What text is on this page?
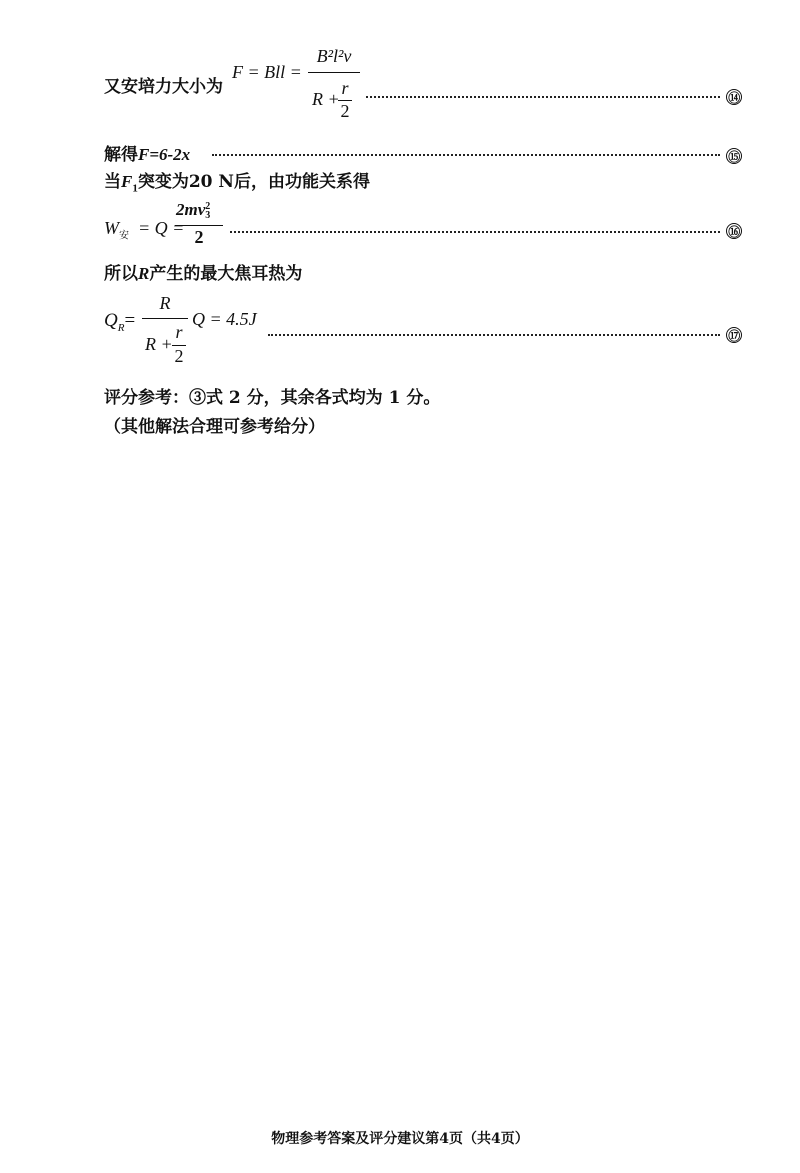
又安培力大小为
F = Bll =
B²l²v
R +
r
2
⑭
解得F=6-2x	⑮
当$F_1$突变为20 N后，由功能关系得
$W_安 = Q$ =
2mv2
3
2	⑯
所以R产生的最大焦耳热为
$Q_R=$
R
R +
r
2
Q = 4.5J
⑰
评分参考：③式 2 分，其余各式均为 1 分。
（其他解法合理可参考给分）
物理参考答案及评分建议第4页（共4页）
